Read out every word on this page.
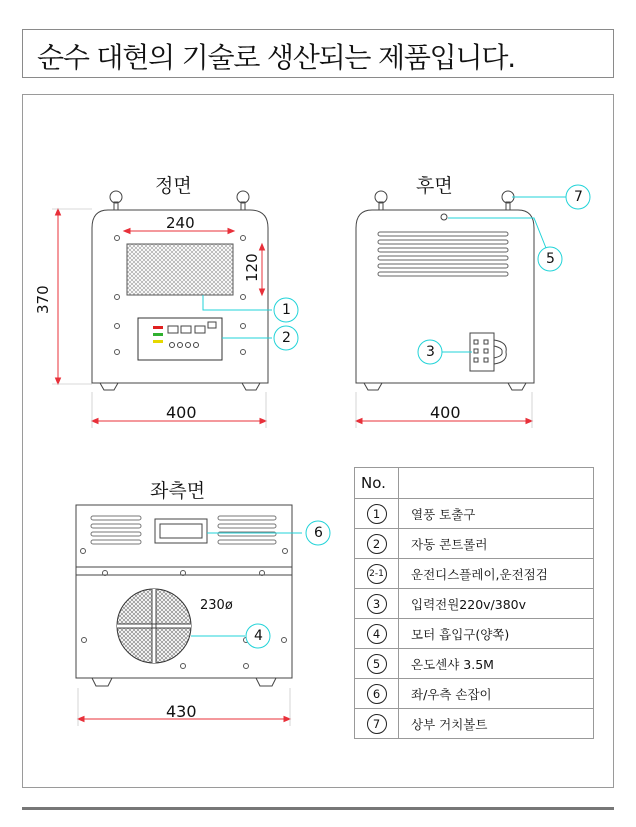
순수 대현의 기술로 생산되는 제품입니다.
정면	후면
좌측면
240
120
370
400	400
430
230ø
1
2
3
4
5
6
7
No.	
1	열풍 토출구
2	자동 콘트롤러
2-1	운전디스플레이,운전점검
3	입력전원220v/380v
4	모터 흡입구(양쪽)
5	온도센샤 3.5M
6	좌/우측 손잡이
7	상부 거치볼트
